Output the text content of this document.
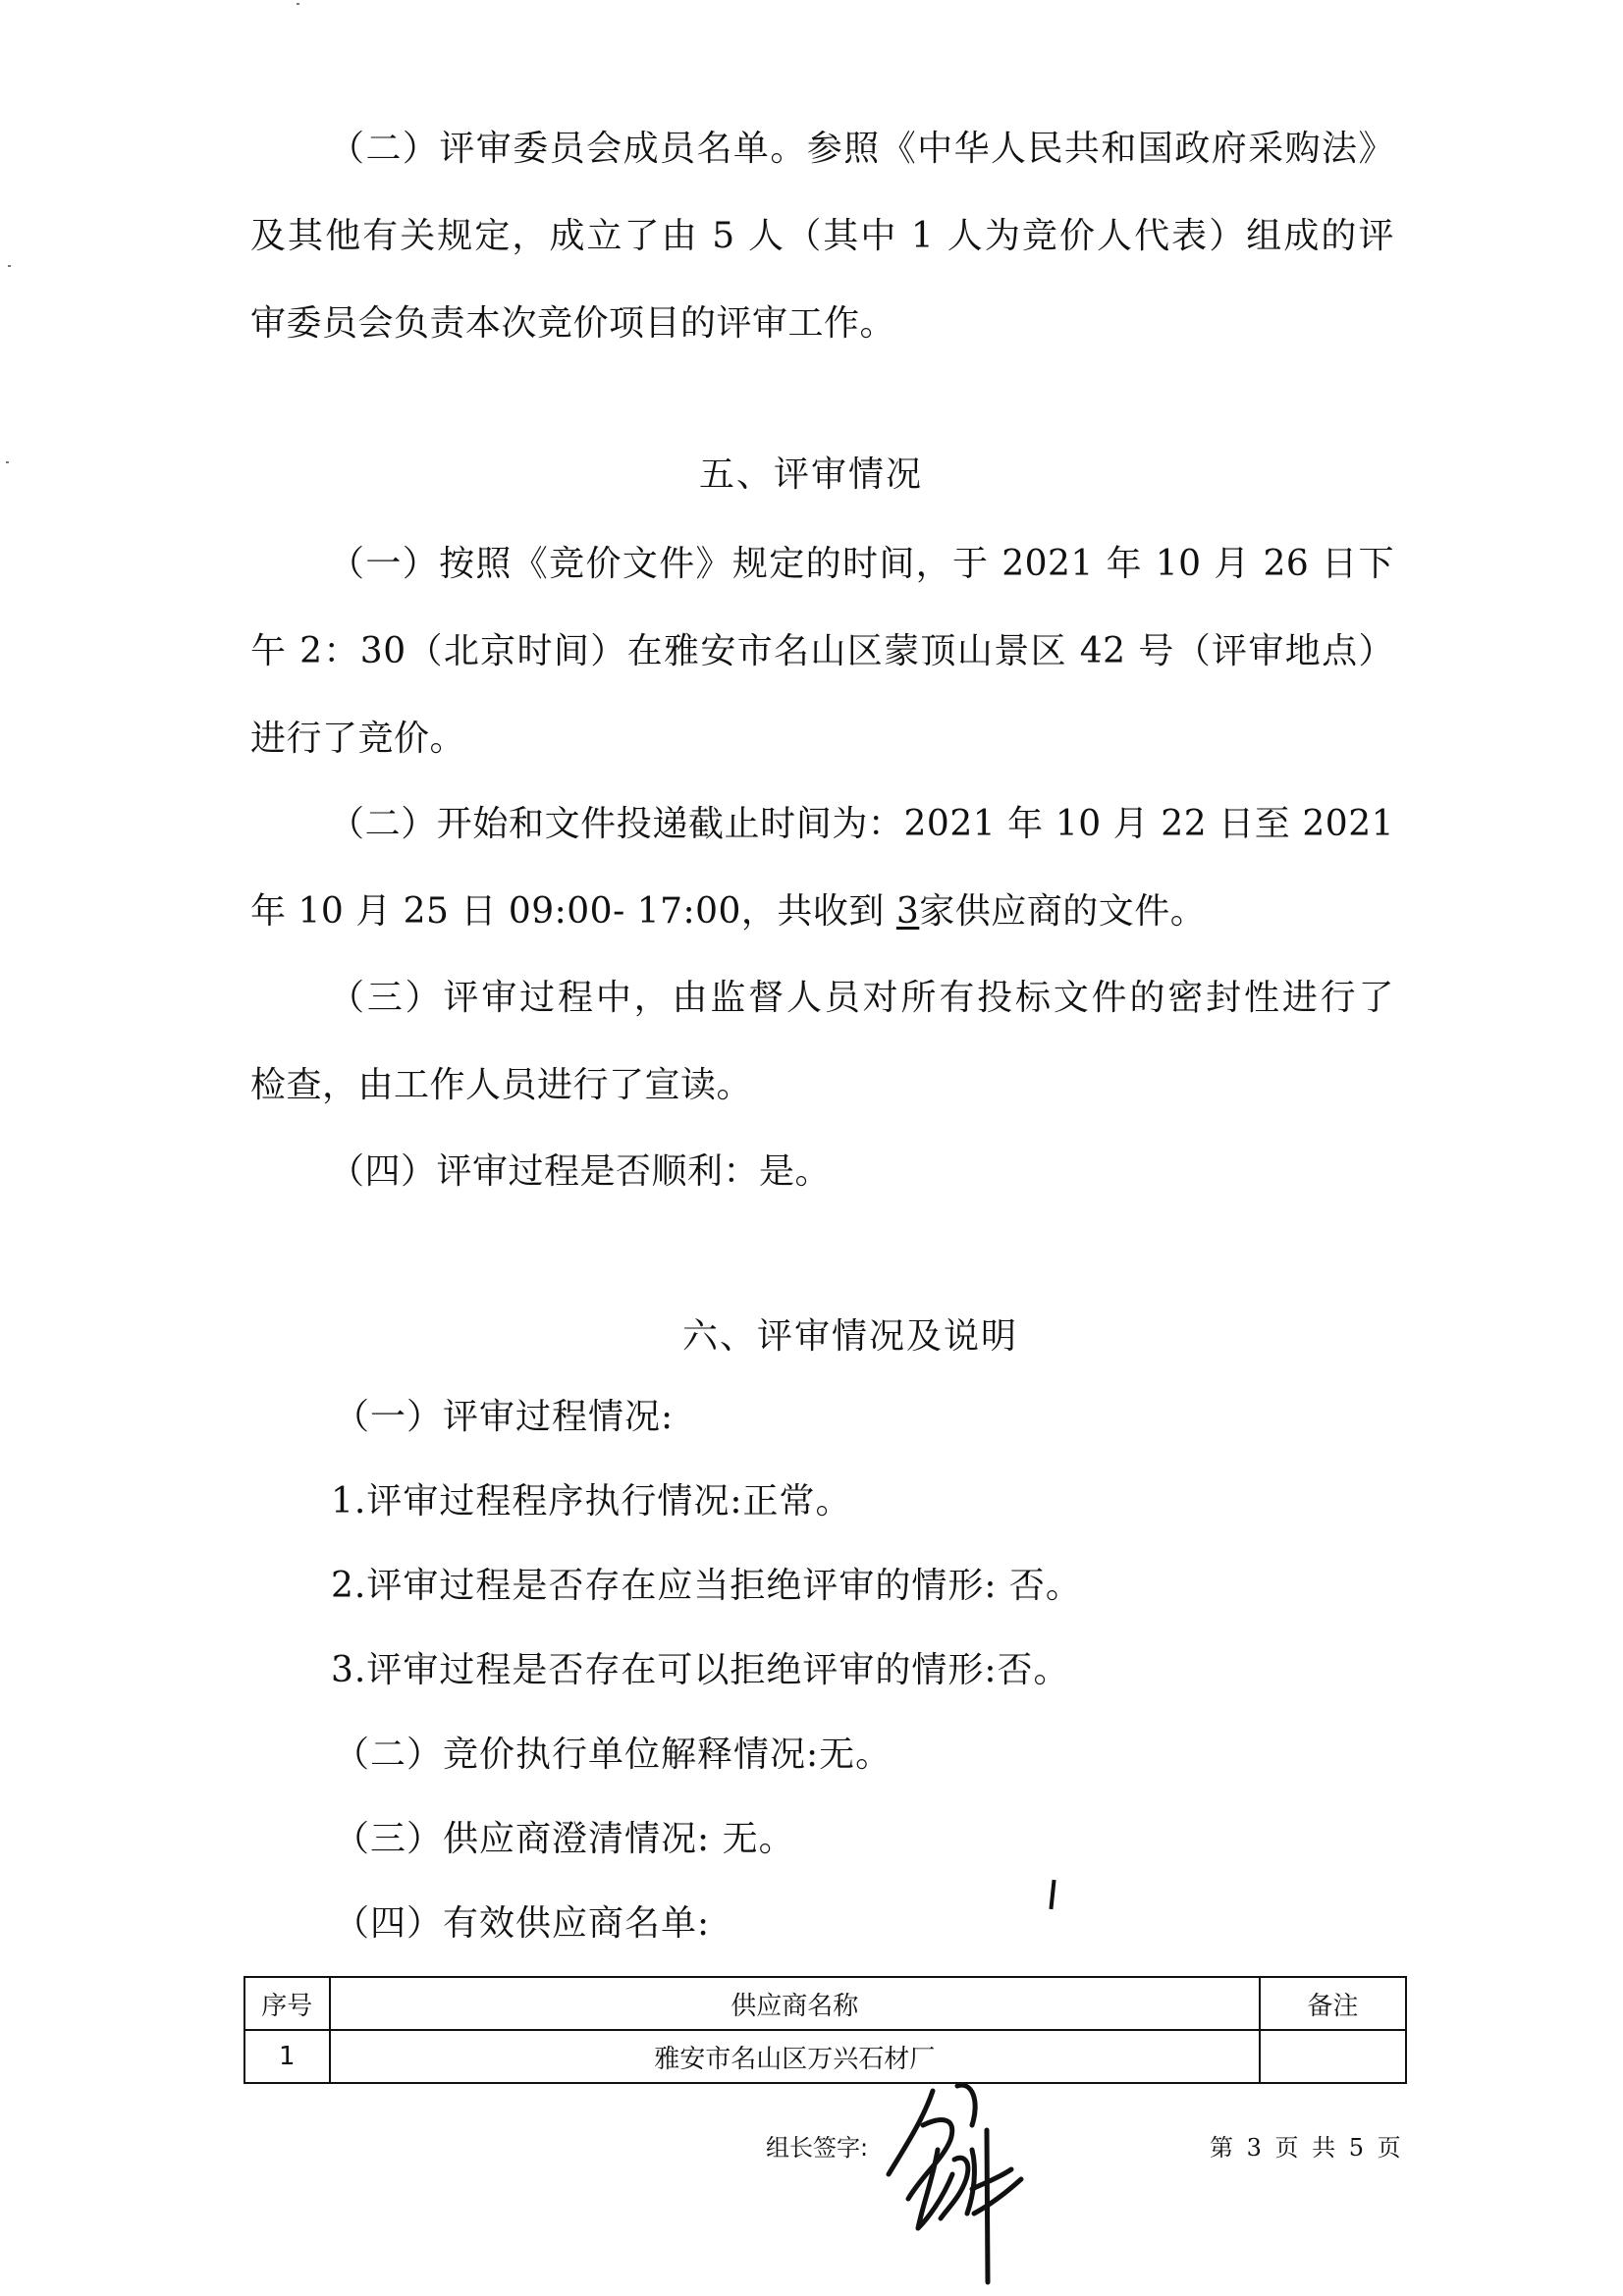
（二）评审委员会成员名单。参照《中华人民共和国政府采购法》
及其他有关规定，成立了由 5 人（其中 1 人为竞价人代表）组成的评
审委员会负责本次竞价项目的评审工作。
五、评审情况
（一）按照《竞价文件》规定的时间，于 2021 年 10 月 26 日下
午 2：30（北京时间）在雅安市名山区蒙顶山景区 42 号（评审地点）
进行了竞价。
（二）开始和文件投递截止时间为：2021 年 10 月 22 日至 2021
年 10 月 25 日 09:00- 17:00，共收到 3家供应商的文件。
（三）评审过程中，由监督人员对所有投标文件的密封性进行了
检查，由工作人员进行了宣读。
（四）评审过程是否顺利：是。
六、评审情况及说明
（一）评审过程情况:
1.评审过程程序执行情况:正常。
2.评审过程是否存在应当拒绝评审的情形: 否。
3.评审过程是否存在可以拒绝评审的情形:否。
（二）竞价执行单位解释情况:无。
（三）供应商澄清情况: 无。
（四）有效供应商名单:
序号	供应商名称	备注
1	雅安市名山区万兴石材厂	
组长签字:	第 3 页 共 5 页
